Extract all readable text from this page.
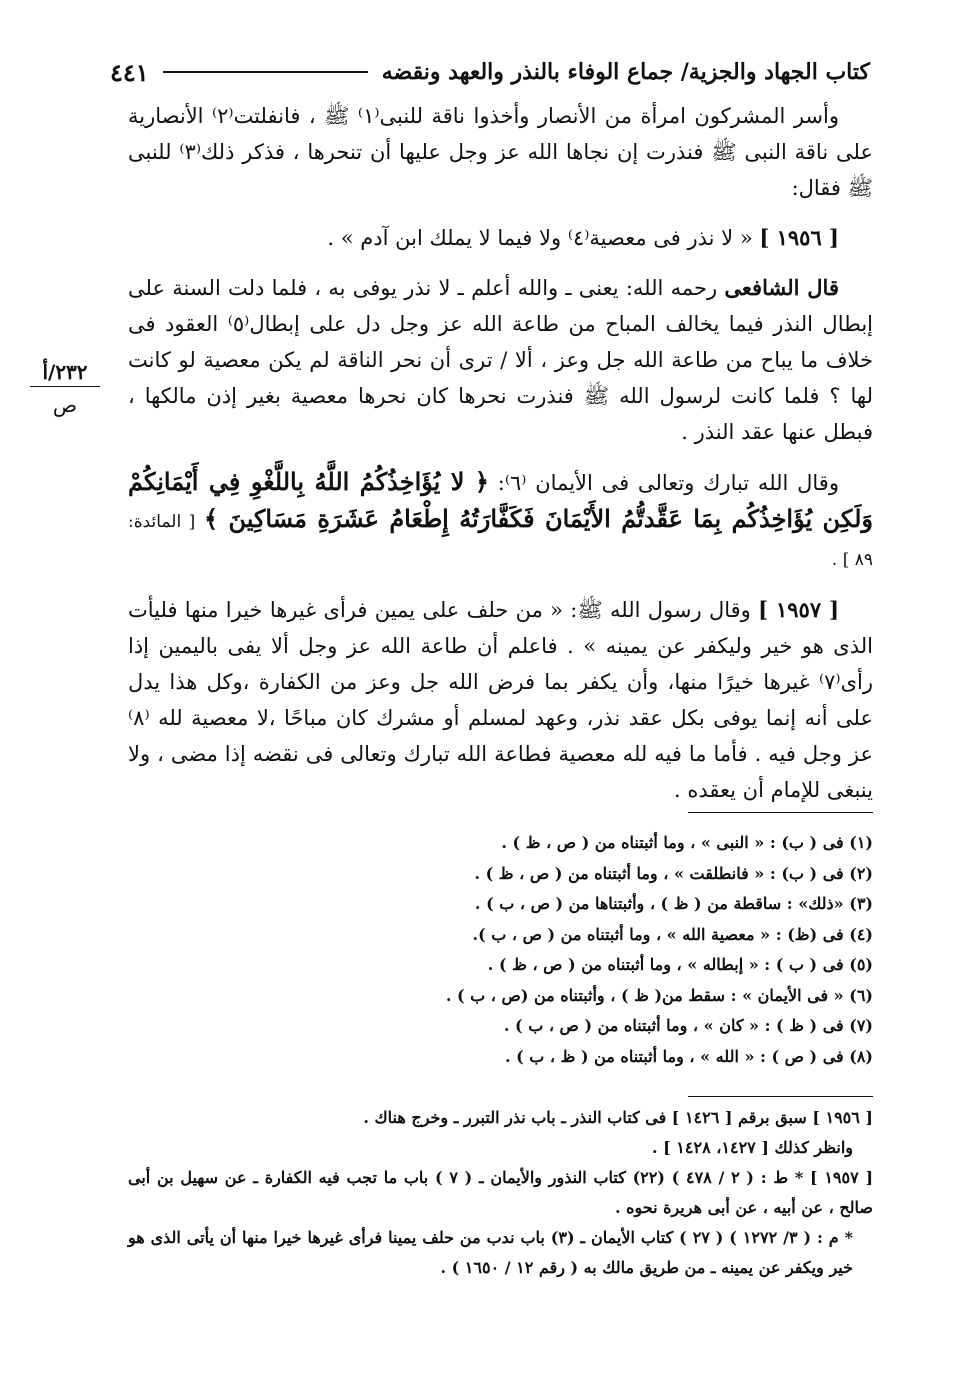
كتاب الجهاد والجزية/ جماع الوفاء بالنذر والعهد ونقضه
٤٤١
٢٣٢/أ
ص

وأسر المشركون امرأة من الأنصار وأخذوا ناقة للنبى⁽١⁾ ﷺ ، فانفلتت⁽٢⁾ الأنصارية على ناقة النبى ﷺ فنذرت إن نجاها الله عز وجل عليها أن تنحرها ، فذكر ذلك⁽٣⁾ للنبى ﷺ فقال:

[ ١٩٥٦ ] « لا نذر فى معصية⁽٤⁾ ولا فيما لا يملك ابن آدم » .

قال الشافعى رحمه الله: يعنى ـ والله أعلم ـ لا نذر يوفى به ، فلما دلت السنة على إبطال النذر فيما يخالف المباح من طاعة الله عز وجل دل على إبطال⁽٥⁾ العقود فى خلاف ما يباح من طاعة الله جل وعز ، ألا / ترى أن نحر الناقة لم يكن معصية لو كانت لها ؟ فلما كانت لرسول الله ﷺ فنذرت نحرها كان نحرها معصية بغير إذن مالكها ، فبطل عنها عقد النذر .

وقال الله تبارك وتعالى فى الأيمان ⁽٦⁾: ﴿ لا يُؤَاخِذُكُمُ اللَّهُ بِاللَّغْوِ فِي أَيْمَانِكُمْ وَلَكِن يُؤَاخِذُكُم بِمَا عَقَّدتُّمُ الأَيْمَانَ فَكَفَّارَتُهُ إِطْعَامُ عَشَرَةِ مَسَاكِينَ ﴾ [ المائدة: ٨٩ ] .

[ ١٩٥٧ ] وقال رسول الله ﷺ: « من حلف على يمين فرأى غيرها خيرا منها فليأت الذى هو خير وليكفر عن يمينه » . فاعلم أن طاعة الله عز وجل ألا يفى باليمين إذا رأى⁽٧⁾ غيرها خيرًا منها، وأن يكفر بما فرض الله جل وعز من الكفارة ،وكل هذا يدل على أنه إنما يوفى بكل عقد نذر، وعهد لمسلم أو مشرك كان مباحًا ،لا معصية لله ⁽٨⁾ عز وجل فيه . فأما ما فيه لله معصية فطاعة الله تبارك وتعالى فى نقضه إذا مضى ، ولا ينبغى للإمام أن يعقده .

(١) فى ( ب) : « النبى » ، وما أثبتناه من ( ص ، ظ ) .
(٢) فى ( ب) : « فانطلقت » ، وما أثبتناه من ( ص ، ظ ) .
(٣) «ذلك» : ساقطة من ( ظ ) ، وأثبتناها من ( ص ، ب ) .
(٤) فى (ظ) : « معصية الله » ، وما أثبتناه من ( ص ، ب ).
(٥) فى ( ب ) : « إبطاله » ، وما أثبتناه من ( ص ، ظ ) .
(٦) « فى الأيمان » : سقط من( ظ ) ، وأثبتناه من (ص ، ب ) .
(٧) فى ( ظ ) : « كان » ، وما أثبتناه من ( ص ، ب ) .
(٨) فى ( ص ) : « الله » ، وما أثبتناه من ( ظ ، ب ) .

[ ١٩٥٦ ] سبق برقم [ ١٤٢٦ ] فى كتاب النذر ـ باب نذر التبرر ـ وخرج هناك .

وانظر كذلك [ ١٤٢٧، ١٤٢٨ ] .

[ ١٩٥٧ ] * ط : ( ٢ / ٤٧٨ ) (٢٢) كتاب النذور والأيمان ـ ( ٧ ) باب ما تجب فيه الكفارة ـ عن سهيل بن أبى صالح ، عن أبيه ، عن أبى هريرة نحوه .

* م : ( ٣/ ١٢٧٢ ) ( ٢٧ ) كتاب الأيمان ـ (٣) باب ندب من حلف يمينا فرأى غيرها خيرا منها أن يأتى الذى هو خير ويكفر عن يمينه ـ من طريق مالك به ( رقم ١٢ / ١٦٥٠ ) .
